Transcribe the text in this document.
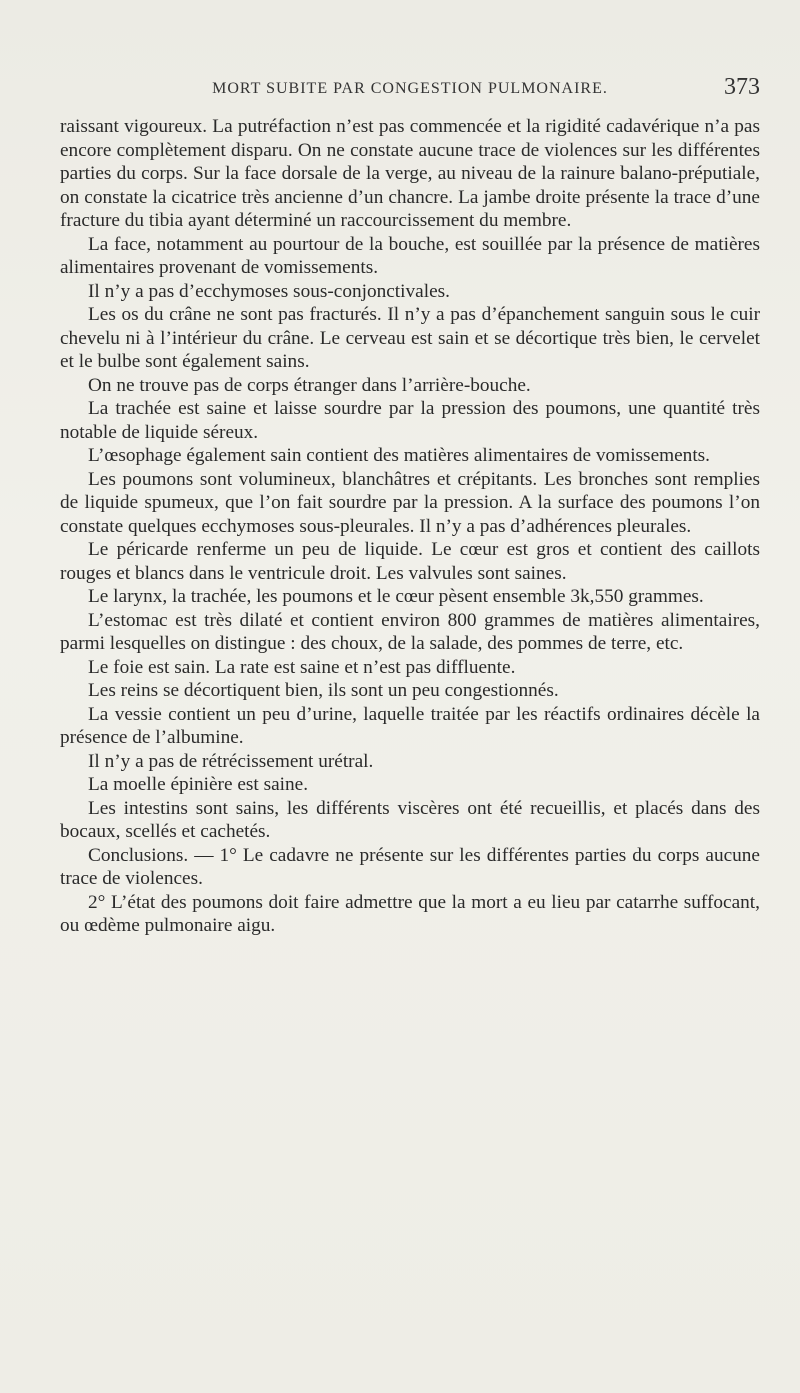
MORT SUBITE PAR CONGESTION PULMONAIRE.	373

raissant vigoureux. La putréfaction n’est pas commencée et la rigidité cadavérique n’a pas encore complètement disparu. On ne constate aucune trace de violences sur les différentes parties du corps. Sur la face dorsale de la verge, au niveau de la rainure balano-préputiale, on constate la cicatrice très ancienne d’un chancre. La jambe droite présente la trace d’une fracture du tibia ayant déterminé un raccourcissement du membre.

La face, notamment au pourtour de la bouche, est souillée par la présence de matières alimentaires provenant de vomissements.

Il n’y a pas d’ecchymoses sous-conjonctivales.

Les os du crâne ne sont pas fracturés. Il n’y a pas d’épanchement sanguin sous le cuir chevelu ni à l’intérieur du crâne. Le cerveau est sain et se décortique très bien, le cervelet et le bulbe sont également sains.

On ne trouve pas de corps étranger dans l’arrière-bouche.

La trachée est saine et laisse sourdre par la pression des poumons, une quantité très notable de liquide séreux.

L’œsophage également sain contient des matières alimentaires de vomissements.

Les poumons sont volumineux, blanchâtres et crépitants. Les bronches sont remplies de liquide spumeux, que l’on fait sourdre par la pression. A la surface des poumons l’on constate quelques ecchymoses sous-pleurales. Il n’y a pas d’adhérences pleurales.

Le péricarde renferme un peu de liquide. Le cœur est gros et contient des caillots rouges et blancs dans le ventricule droit. Les valvules sont saines.

Le larynx, la trachée, les poumons et le cœur pèsent ensemble 3k,550 grammes.

L’estomac est très dilaté et contient environ 800 grammes de matières alimentaires, parmi lesquelles on distingue : des choux, de la salade, des pommes de terre, etc.

Le foie est sain. La rate est saine et n’est pas diffluente.

Les reins se décortiquent bien, ils sont un peu congestionnés.

La vessie contient un peu d’urine, laquelle traitée par les réactifs ordinaires décèle la présence de l’albumine.

Il n’y a pas de rétrécissement urétral.

La moelle épinière est saine.

Les intestins sont sains, les différents viscères ont été recueillis, et placés dans des bocaux, scellés et cachetés.

Conclusions. — 1° Le cadavre ne présente sur les différentes parties du corps aucune trace de violences.

2° L’état des poumons doit faire admettre que la mort a eu lieu par catarrhe suffocant, ou œdème pulmonaire aigu.
